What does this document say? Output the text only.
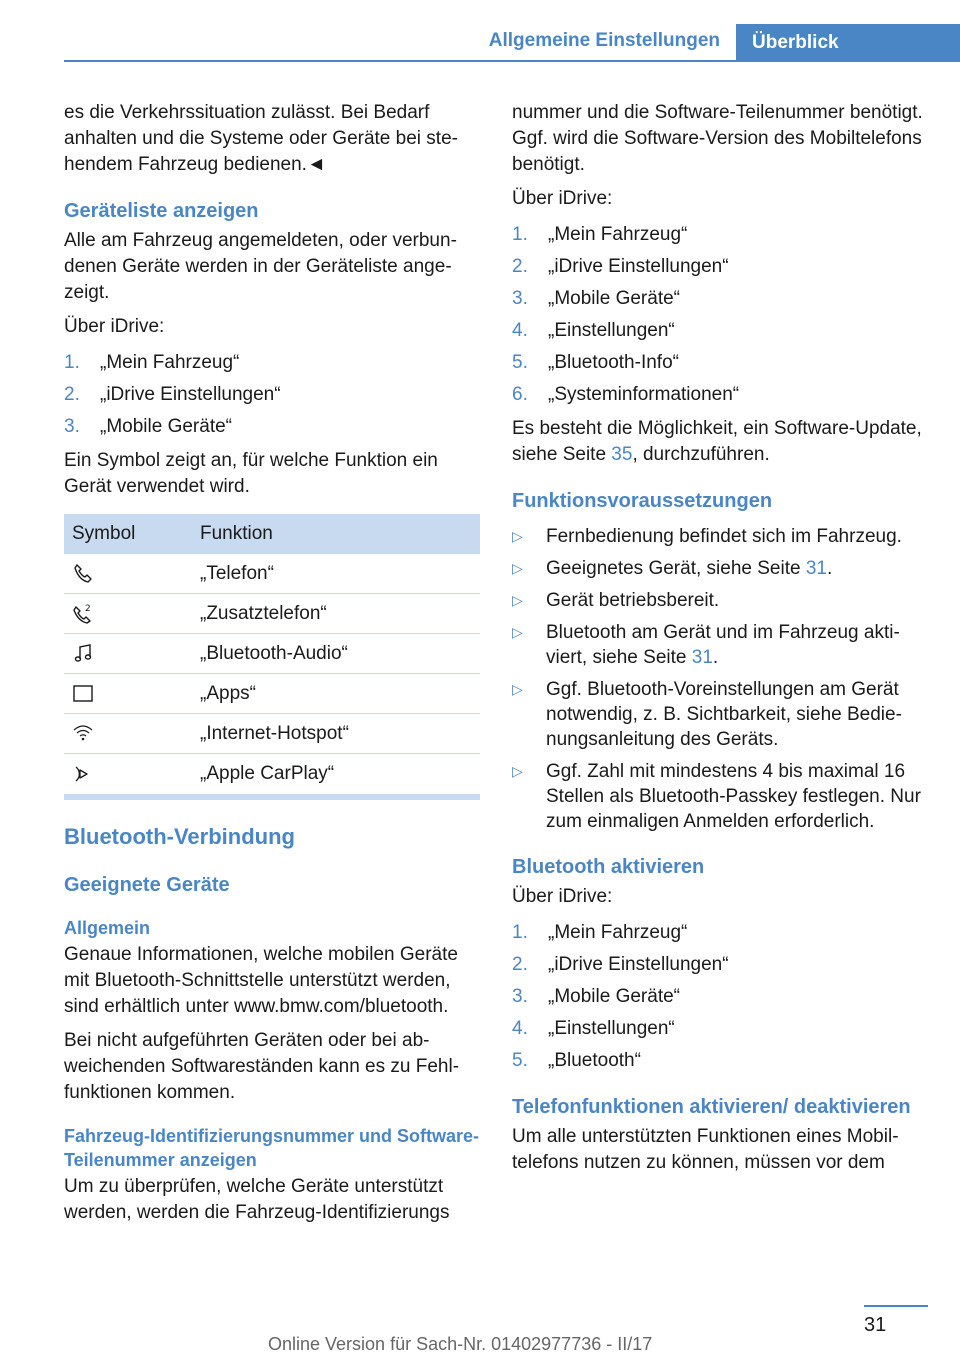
Allgemeine Einstellungen	Überblick

es die Verkehrssituation zulässt. Bei Bedarf anhalten und die Systeme oder Geräte bei stehendem Fahrzeug bedienen.◄

Geräteliste anzeigen

Alle am Fahrzeug angemeldeten, oder verbundenen Geräte werden in der Geräteliste angezeigt.

Über iDrive:

1.	„Mein Fahrzeug“
2.	„iDrive Einstellungen“
3.	„Mobile Geräte“

Ein Symbol zeigt an, für welche Funktion ein Gerät verwendet wird.

Symbol	Funktion
	„Telefon“

2	„Zusatztelefon“
	„Bluetooth-Audio“
	„Apps“
	„Internet-Hotspot“
	„Apple CarPlay“
Bluetooth-Verbindung
Geeignete Geräte
Allgemein

Genaue Informationen, welche mobilen Geräte mit Bluetooth-Schnittstelle unterstützt werden, sind erhältlich unter www.bmw.com/bluetooth.

Bei nicht aufgeführten Geräten oder bei abweichenden Softwareständen kann es zu Fehlfunktionen kommen.

Fahrzeug-Identifizierungsnummer und Software-Teilenummer anzeigen

Um zu überprüfen, welche Geräte unterstützt werden, werden die Fahrzeug-Identifizierungs

nummer und die Software-Teilenummer benötigt. Ggf. wird die Software-Version des Mobiltelefons benötigt.

Über iDrive:

1.	„Mein Fahrzeug“
2.	„iDrive Einstellungen“
3.	„Mobile Geräte“
4.	„Einstellungen“
5.	„Bluetooth-Info“
6.	„Systeminformationen“

Es besteht die Möglichkeit, ein Software-Update, siehe Seite 35, durchzuführen.

Funktionsvoraussetzungen
▷	Fernbedienung befindet sich im Fahrzeug.
▷	Geeignetes Gerät, siehe Seite 31.
▷	Gerät betriebsbereit.
▷	Bluetooth am Gerät und im Fahrzeug aktiviert, siehe Seite 31.
▷	Ggf. Bluetooth-Voreinstellungen am Gerät notwendig, z. B. Sichtbarkeit, siehe Bedienungsanleitung des Geräts.
▷	Ggf. Zahl mit mindestens 4 bis maximal 16 Stellen als Bluetooth-Passkey festlegen. Nur zum einmaligen Anmelden erforderlich.
Bluetooth aktivieren

Über iDrive:

1.	„Mein Fahrzeug“
2.	„iDrive Einstellungen“
3.	„Mobile Geräte“
4.	„Einstellungen“
5.	„Bluetooth“
Telefonfunktionen aktivieren/ deaktivieren

Um alle unterstützten Funktionen eines Mobiltelefons nutzen zu können, müssen vor dem

31
Online Version für Sach-Nr. 01402977736 - II/17
